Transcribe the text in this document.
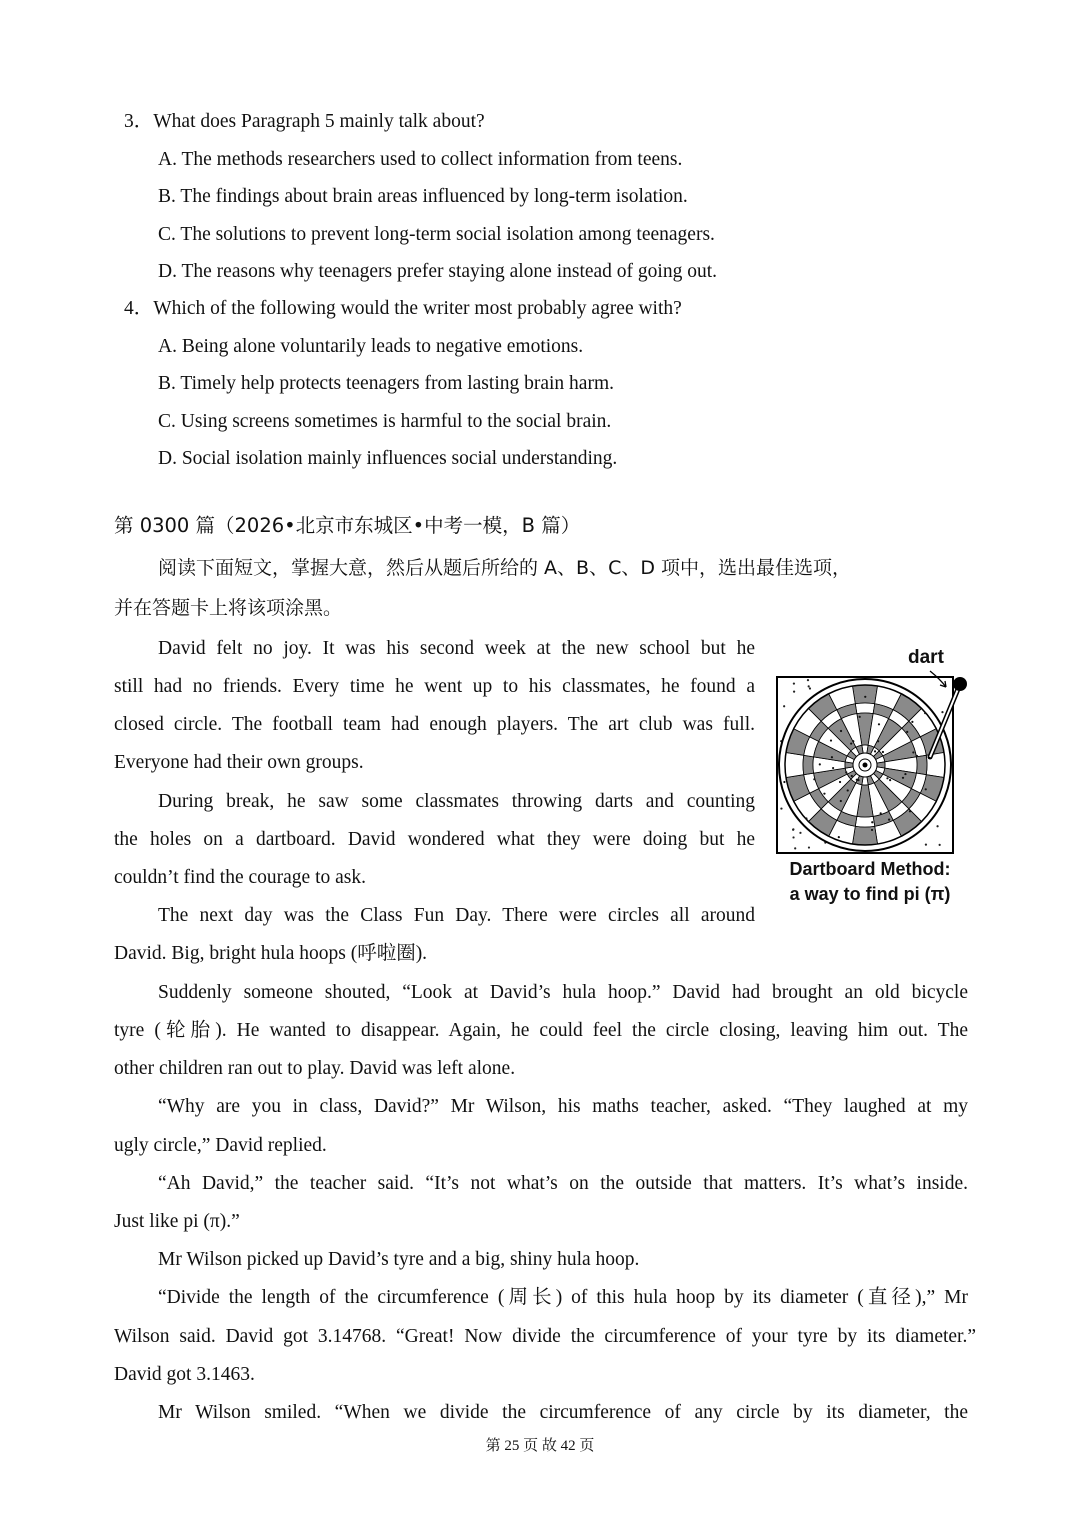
3．What does Paragraph 5 mainly talk about?
A. The methods researchers used to collect information from teens.
B. The findings about brain areas influenced by long-term isolation.
C. The solutions to prevent long-term social isolation among teenagers.
D. The reasons why teenagers prefer staying alone instead of going out.
4．Which of the following would the writer most probably agree with?
A. Being alone voluntarily leads to negative emotions.
B. Timely help protects teenagers from lasting brain harm.
C. Using screens sometimes is harmful to the social brain.
D. Social isolation mainly influences social understanding.
第 0300 篇（2026•北京市东城区•中考一模，B 篇）
阅读下面短文，掌握大意，然后从题后所给的 A、B、C、D 项中，选出最佳选项，
并在答题卡上将该项涂黑。
David felt no joy. It was his second week at the new school but he
still had no friends. Every time he went up to his classmates, he found a
closed circle. The football team had enough players. The art club was full.
Everyone had their own groups.
During break, he saw some classmates throwing darts and counting
the holes on a dartboard. David wondered what they were doing but he
couldn’t find the courage to ask.
The next day was the Class Fun Day. There were circles all around
David. Big, bright hula hoops (呼啦圈).
Suddenly someone shouted, “Look at David’s hula hoop.” David had brought an old bicycle
tyre (轮胎). He wanted to disappear. Again, he could feel the circle closing, leaving him out. The
other children ran out to play. David was left alone.
“Why are you in class, David?” Mr Wilson, his maths teacher, asked. “They laughed at my
ugly circle,” David replied.
“Ah David,” the teacher said. “It’s not what’s on the outside that matters. It’s what’s inside.
Just like pi (π).”
Mr Wilson picked up David’s tyre and a big, shiny hula hoop.
“Divide the length of the circumference (周长) of this hula hoop by its diameter (直径),” Mr
Wilson said. David got 3.14768. “Great! Now divide the circumference of your tyre by its diameter.”
David got 3.1463.
Mr Wilson smiled. “When we divide the circumference of any circle by its diameter, the
dart
Dartboard Method:
a way to find pi (π)
第 25 页 故 42 页
